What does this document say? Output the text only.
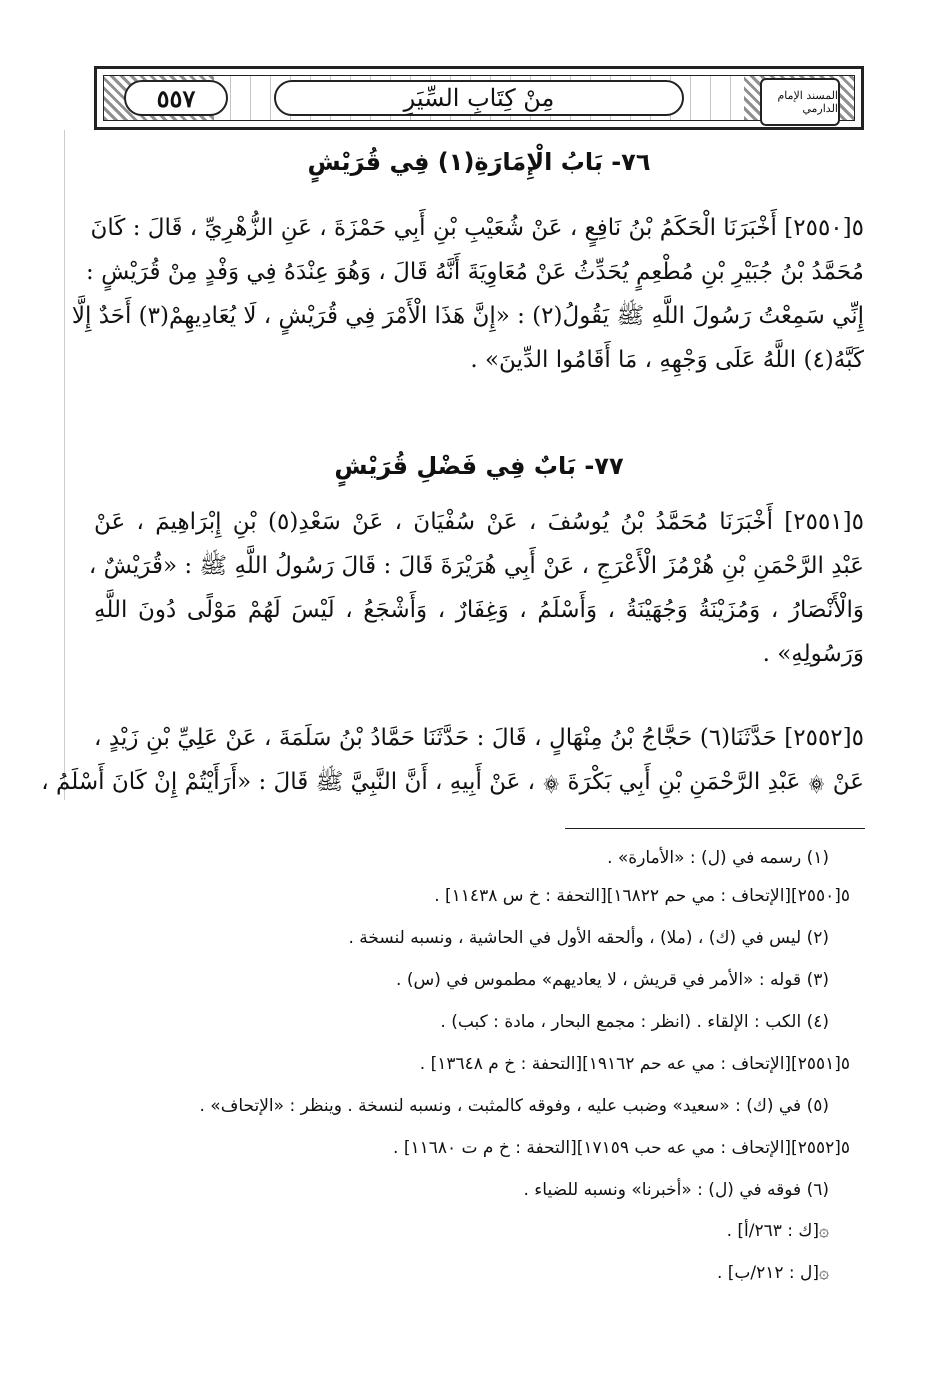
٥٥٧	مِنْ كِتَابِ السِّيَرِ	المسند الإمام الدارمي
٧٦- بَابُ الْإِمَارَةِ(١) فِي قُرَيْشٍ
٥[٢٥٥٠] أَخْبَرَنَا الْحَكَمُ بْنُ نَافِعٍ ، عَنْ شُعَيْبِ بْنِ أَبِي حَمْزَةَ ، عَنِ الزُّهْرِيِّ ، قَالَ : كَانَ
مُحَمَّدُ بْنُ جُبَيْرِ بْنِ مُطْعِمٍ يُحَدِّثُ عَنْ مُعَاوِيَةَ أَنَّهُ قَالَ ، وَهُوَ عِنْدَهُ فِي وَفْدٍ مِنْ قُرَيْشٍ :
إِنِّي سَمِعْتُ رَسُولَ اللَّهِ ﷺ يَقُولُ(٢) : «إِنَّ هَذَا الْأَمْرَ فِي قُرَيْشٍ ، لَا يُعَادِيهِمْ(٣) أَحَدٌ إِلَّا
كَبَّهُ(٤) اللَّهُ عَلَى وَجْهِهِ ، مَا أَقَامُوا الدِّينَ» .
٧٧- بَابٌ فِي فَضْلِ قُرَيْشٍ
٥[٢٥٥١] أَخْبَرَنَا مُحَمَّدُ بْنُ يُوسُفَ ، عَنْ سُفْيَانَ ، عَنْ سَعْدِ(٥) بْنِ إِبْرَاهِيمَ ، عَنْ
عَبْدِ الرَّحْمَنِ بْنِ هُرْمُزَ الْأَعْرَجِ ، عَنْ أَبِي هُرَيْرَةَ قَالَ : قَالَ رَسُولُ اللَّهِ ﷺ : «قُرَيْشٌ ،
وَالْأَنْصَارُ ، وَمُزَيْنَةُ وَجُهَيْنَةُ ، وَأَسْلَمُ ، وَغِفَارٌ ، وَأَشْجَعُ ، لَيْسَ لَهُمْ مَوْلًى دُونَ اللَّهِ
وَرَسُولِهِ» .
٥[٢٥٥٢] حَدَّثَنَا(٦) حَجَّاجُ بْنُ مِنْهَالٍ ، قَالَ : حَدَّثَنَا حَمَّادُ بْنُ سَلَمَةَ ، عَنْ عَلِيِّ بْنِ زَيْدٍ ،
عَنْ ۞ عَبْدِ الرَّحْمَنِ بْنِ أَبِي بَكْرَةَ ۞ ، عَنْ أَبِيهِ ، أَنَّ النَّبِيَّ ﷺ قَالَ : «أَرَأَيْتُمْ إِنْ كَانَ أَسْلَمُ ،
(١) رسمه في (ل) : «الأمارة» .
٥[٢٥٥٠][الإتحاف : مي حم ١٦٨٢٢][التحفة : خ س ١١٤٣٨] .
(٢) ليس في (ك) ، (ملا) ، وألحقه الأول في الحاشية ، ونسبه لنسخة .
(٣) قوله : «الأمر في قريش ، لا يعاديهم» مطموس في (س) .
(٤) الكب : الإلقاء . (انظر : مجمع البحار ، مادة : كبب) .
٥[٢٥٥١][الإتحاف : مي عه حم ١٩١٦٢][التحفة : خ م ١٣٦٤٨] .
(٥) في (ك) : «سعيد» وضبب عليه ، وفوقه كالمثبت ، ونسبه لنسخة . وينظر : «الإتحاف» .
٥[٢٥٥٢][الإتحاف : مي عه حب ١٧١٥٩][التحفة : خ م ت ١١٦٨٠] .
(٦) فوقه في (ل) : «أخبرنا» ونسبه للضياء .
۞[ك : ٢٦٣/أ] .
۞[ل : ٢١٢/ب] .
